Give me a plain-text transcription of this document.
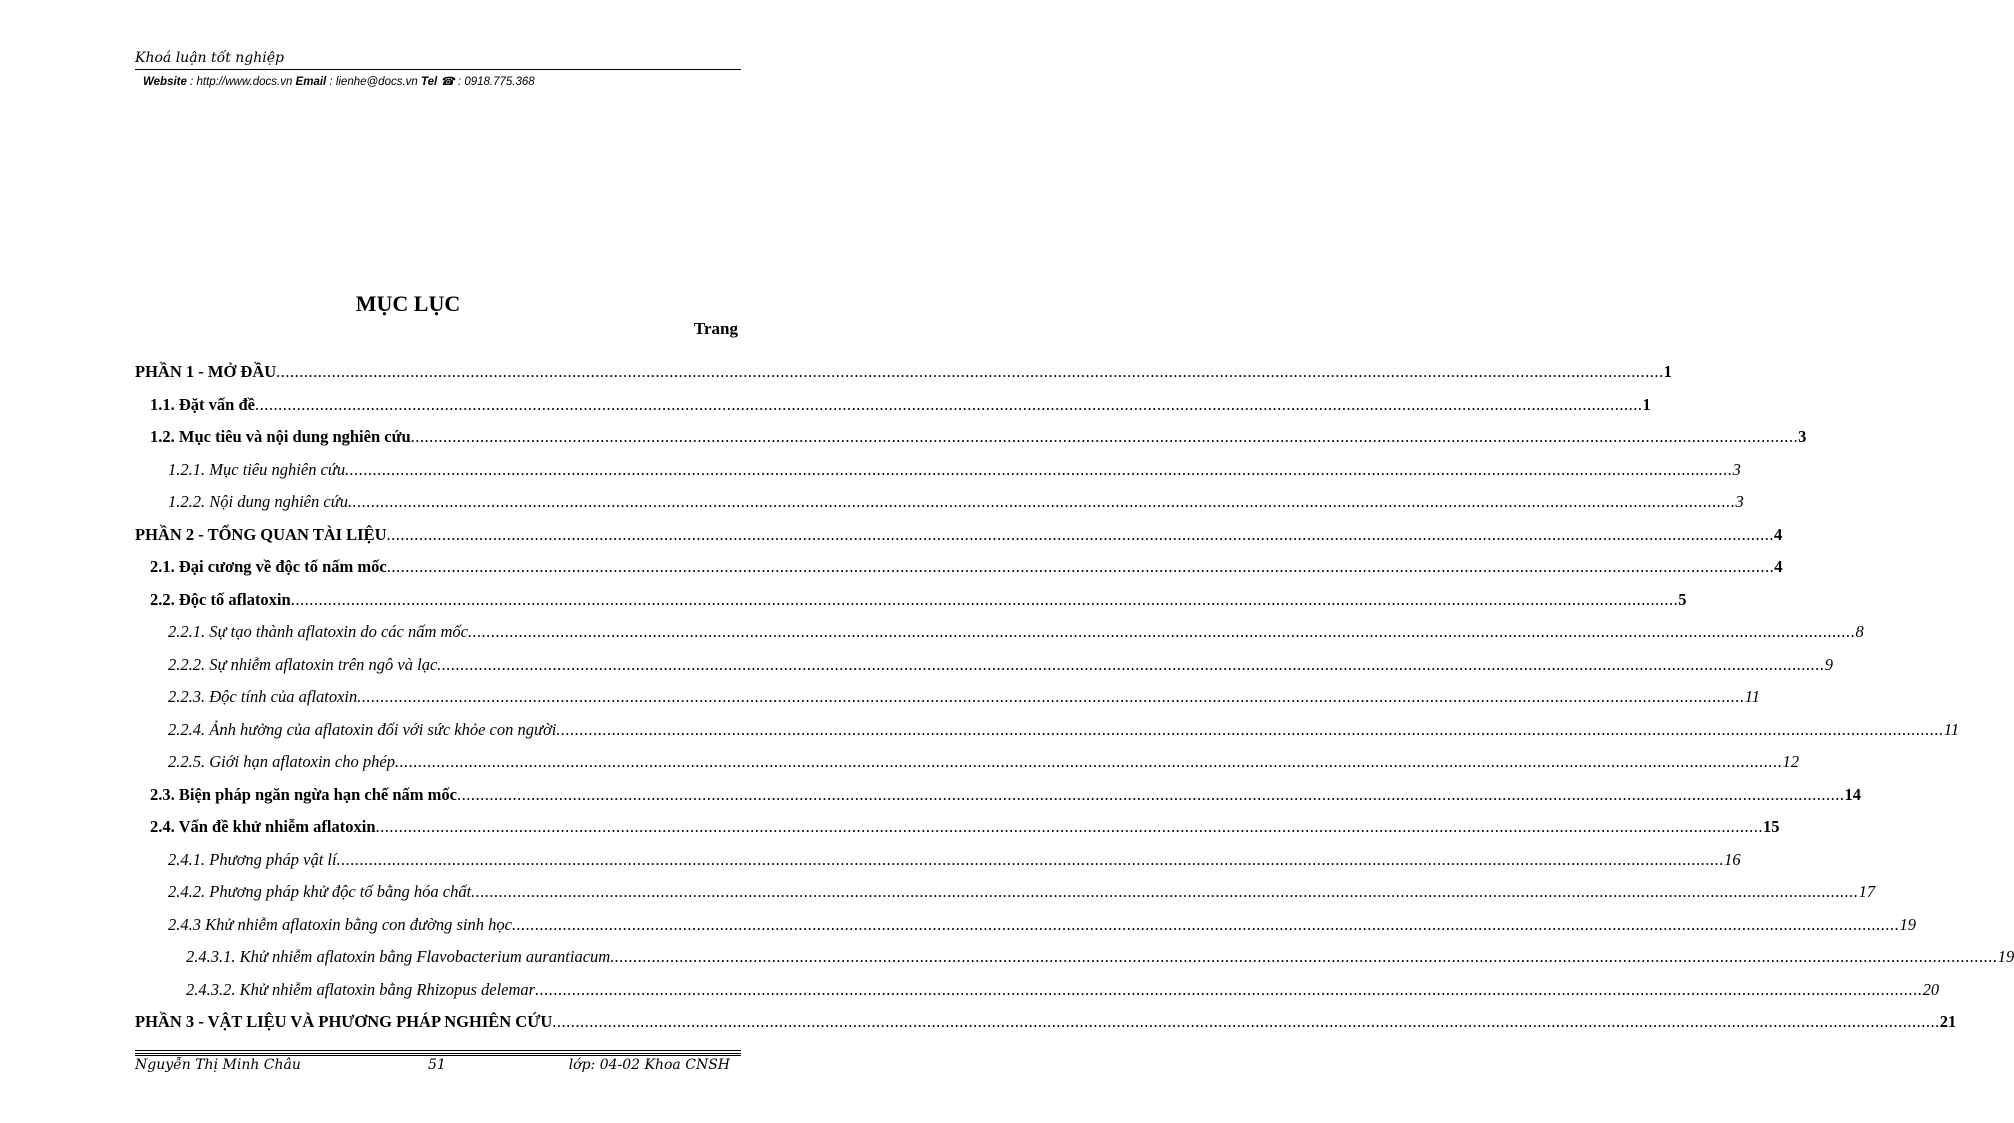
Khoá luận tốt nghiệp
Website : http://www.docs.vn Email : lienhe@docs.vn Tel ☎ : 0918.775.368
MỤC LỤC
Trang
PHẦN 1 - MỞ ĐẦU ............................................................................................................................................................................................................................................................................................................ 1
1.1. Đặt vấn đề ............................................................................................................................................................................................................................................................................................................ 1
1.2. Mục tiêu và nội dung nghiên cứu ............................................................................................................................................................................................................................................................................................................ 3
1.2.1. Mục tiêu nghiên cứu ............................................................................................................................................................................................................................................................................................................ 3
1.2.2. Nội dung nghiên cứu ............................................................................................................................................................................................................................................................................................................ 3
PHẦN 2 - TỔNG QUAN TÀI LIỆU ............................................................................................................................................................................................................................................................................................................ 4
2.1. Đại cương về độc tố nấm mốc ............................................................................................................................................................................................................................................................................................................ 4
2.2. Độc tố aflatoxin ............................................................................................................................................................................................................................................................................................................ 5
2.2.1. Sự tạo thành aflatoxin do các nấm mốc ............................................................................................................................................................................................................................................................................................................ 8
2.2.2. Sự nhiễm aflatoxin trên ngô và lạc ............................................................................................................................................................................................................................................................................................................ 9
2.2.3. Độc tính của aflatoxin ............................................................................................................................................................................................................................................................................................................ 11
2.2.4. Ảnh hưởng của aflatoxin đối với sức khỏe con người ............................................................................................................................................................................................................................................................................................................ 11
2.2.5. Giới hạn aflatoxin cho phép ............................................................................................................................................................................................................................................................................................................ 12
2.3. Biện pháp ngăn ngừa hạn chế nấm mốc ............................................................................................................................................................................................................................................................................................................ 14
2.4. Vấn đề khử nhiễm aflatoxin ............................................................................................................................................................................................................................................................................................................ 15
2.4.1. Phương pháp vật lí ............................................................................................................................................................................................................................................................................................................ 16
2.4.2. Phương pháp khử độc tố bằng hóa chất ............................................................................................................................................................................................................................................................................................................ 17
2.4.3 Khử nhiễm aflatoxin bằng con đường sinh học ............................................................................................................................................................................................................................................................................................................ 19
2.4.3.1. Khử nhiễm aflatoxin bằng Flavobacterium aurantiacum ............................................................................................................................................................................................................................................................................................................ 19
2.4.3.2. Khử nhiễm aflatoxin bằng Rhizopus delemar ............................................................................................................................................................................................................................................................................................................ 20
PHẦN 3 - VẬT LIỆU VÀ PHƯƠNG PHÁP NGHIÊN CỨU ............................................................................................................................................................................................................................................................................................................ 21
Nguyễn Thị Minh Châu	51	lớp: 04-02 Khoa CNSH
